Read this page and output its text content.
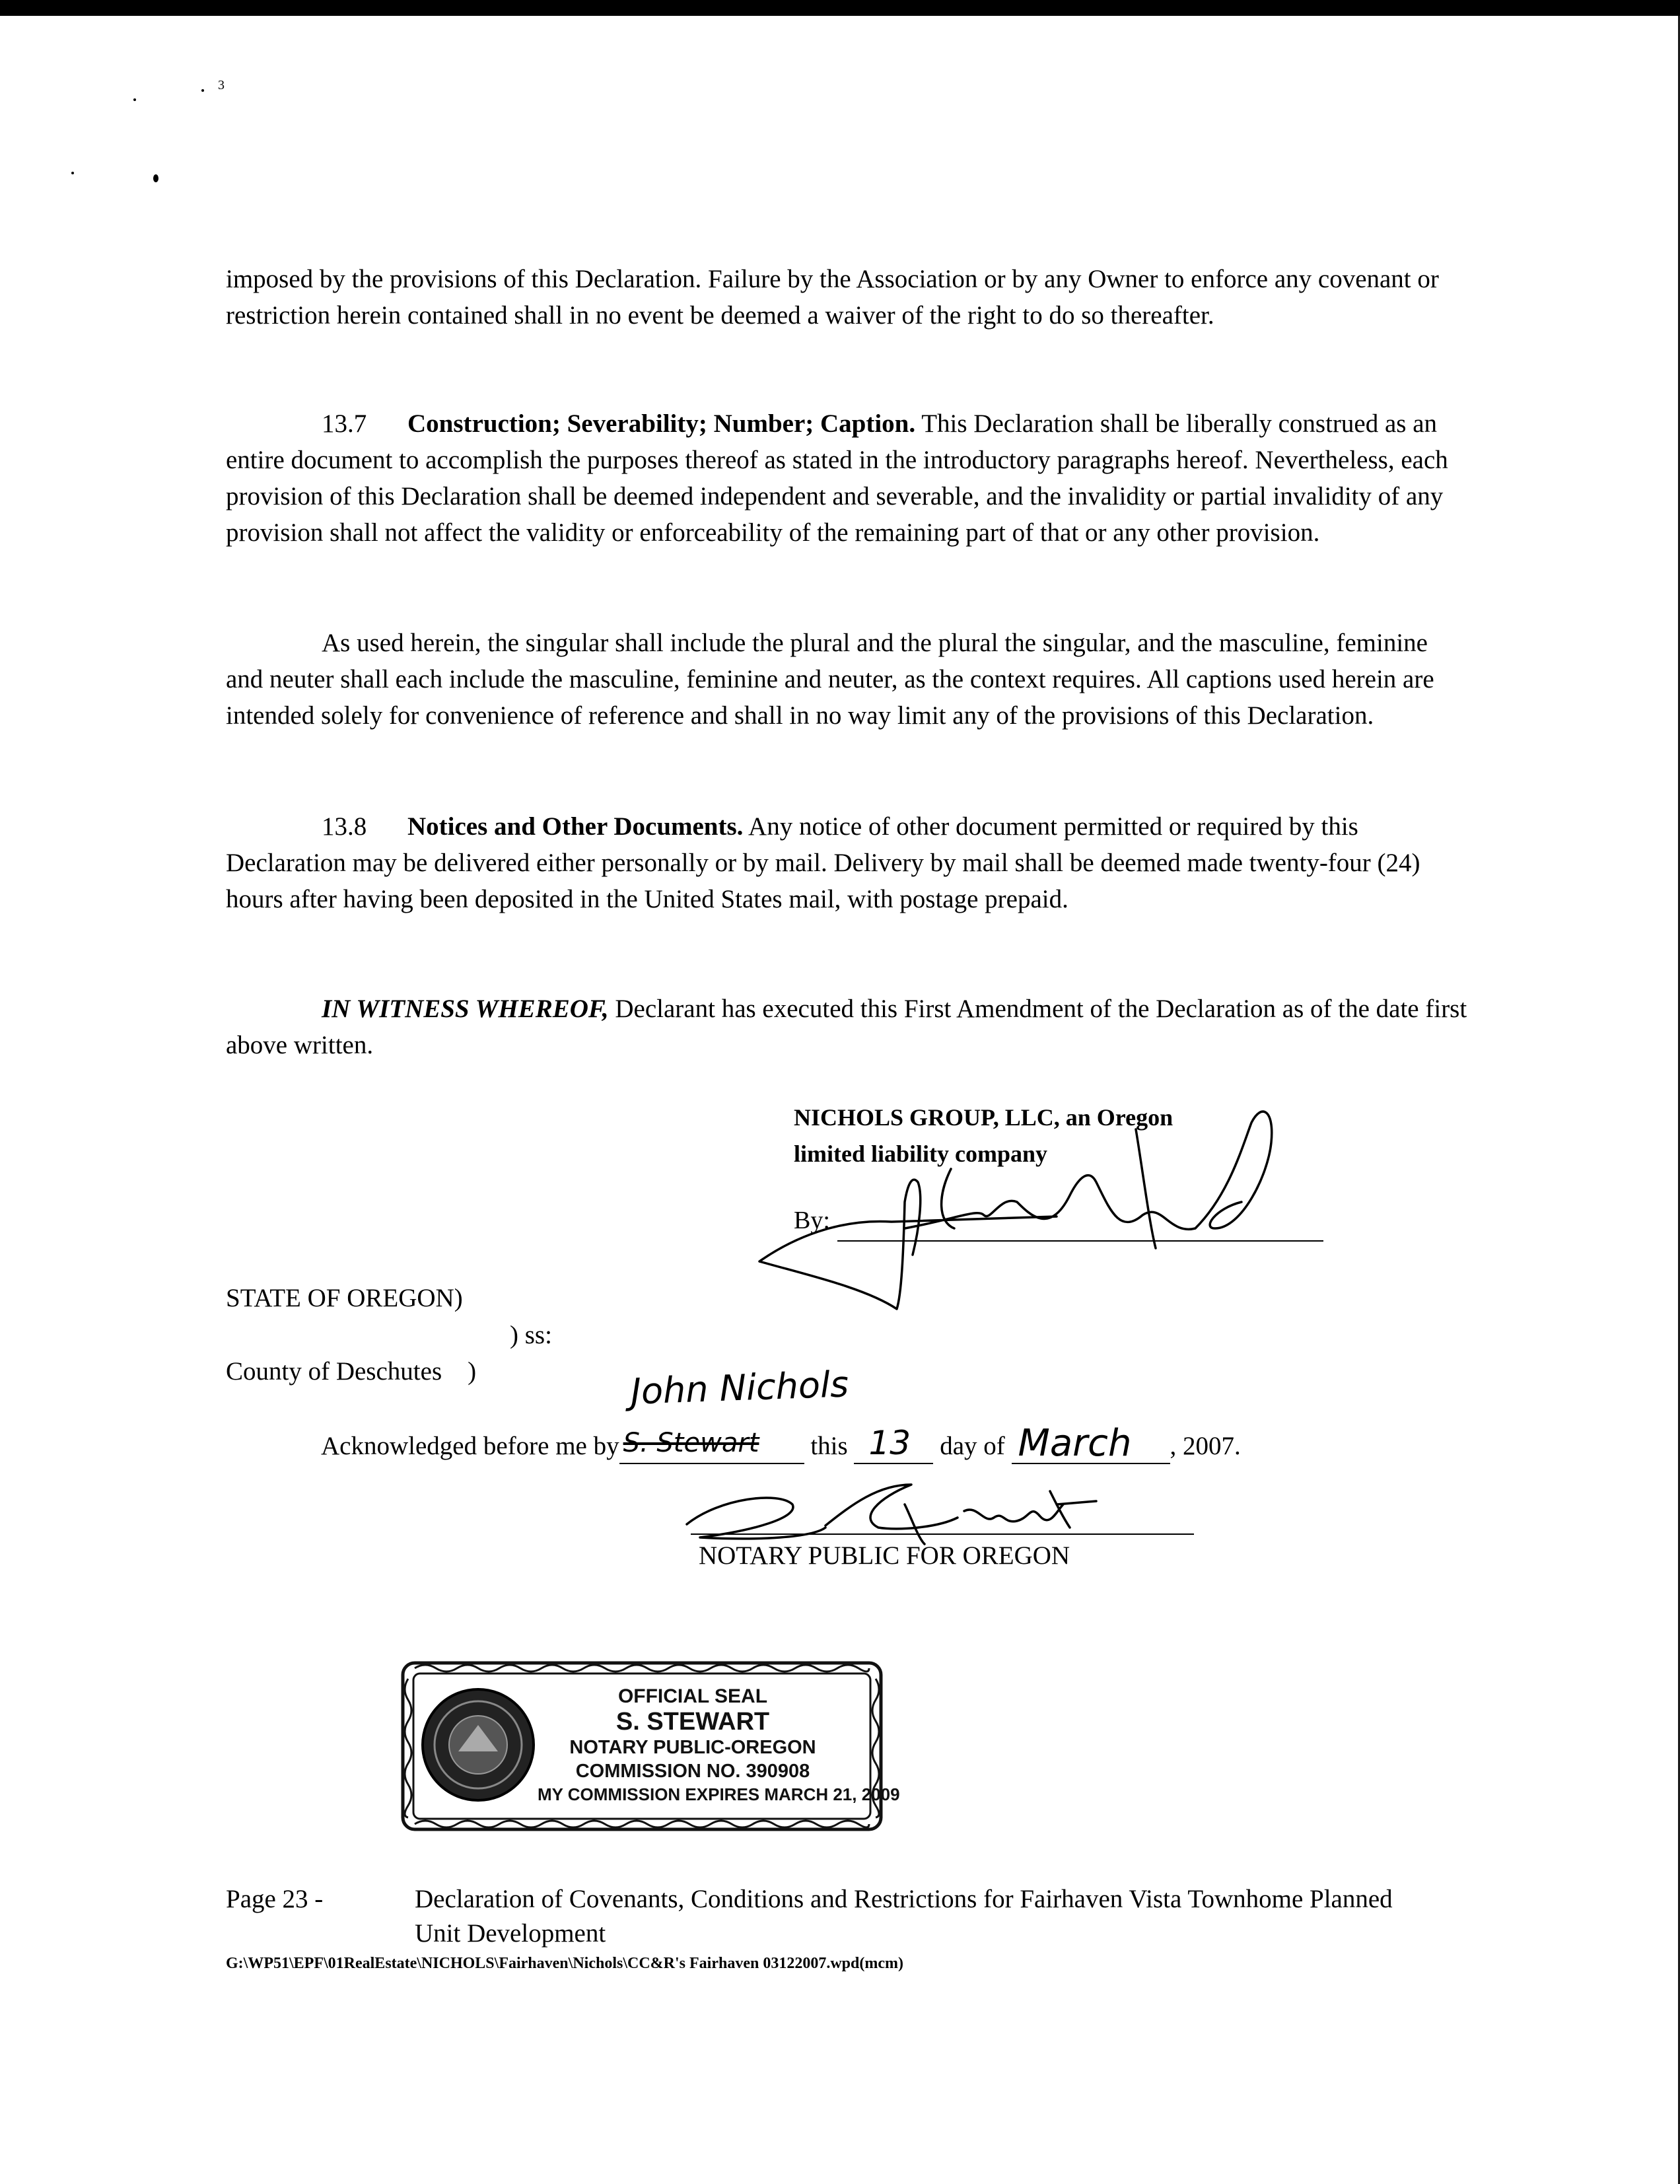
3

imposed by the provisions of this Declaration. Failure by the Association or by any Owner to enforce any covenant or restriction herein contained shall in no event be deemed a waiver of the right to do so thereafter.

13.7 Construction; Severability; Number; Caption. This Declaration shall be liberally construed as an entire document to accomplish the purposes thereof as stated in the introductory paragraphs hereof. Nevertheless, each provision of this Declaration shall be deemed independent and severable, and the invalidity or partial invalidity of any provision shall not affect the validity or enforceability of the remaining part of that or any other provision.

As used herein, the singular shall include the plural and the plural the singular, and the masculine, feminine and neuter shall each include the masculine, feminine and neuter, as the context requires. All captions used herein are intended solely for convenience of reference and shall in no way limit any of the provisions of this Declaration.

13.8 Notices and Other Documents. Any notice of other document permitted or required by this Declaration may be delivered either personally or by mail. Delivery by mail shall be deemed made twenty-four (24) hours after having been deposited in the United States mail, with postage prepaid.

IN WITNESS WHEREOF, Declarant has executed this First Amendment of the Declaration as of the date first above written.

NICHOLS GROUP, LLC, an Oregon
limited liability company
By:
STATE OF OREGON)
) ss:
County of Deschutes    )	John Nichols
Acknowledged before me by S. Stewart this 13 day of March , 2007.
NOTARY PUBLIC FOR OREGON
OFFICIAL SEAL
S. STEWART
NOTARY PUBLIC-OREGON
COMMISSION NO. 390908
MY COMMISSION EXPIRES MARCH 21, 2009
Page 23 -	Declaration of Covenants, Conditions and Restrictions for Fairhaven Vista Townhome Planned Unit Development
G:\WP51\EPF\01RealEstate\NICHOLS\Fairhaven\Nichols\CC&R's Fairhaven 03122007.wpd(mcm)
